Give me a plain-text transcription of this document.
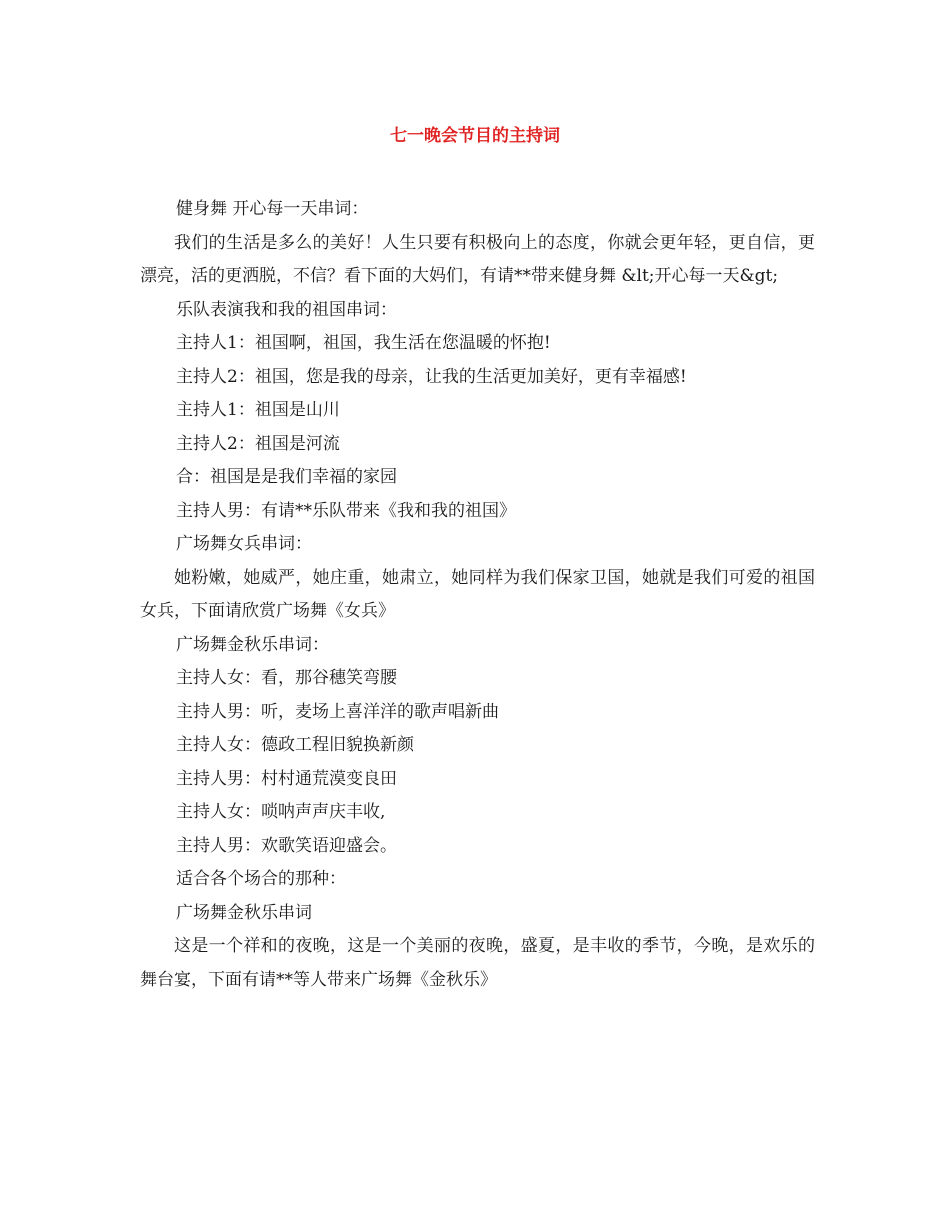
七一晚会节目的主持词

健身舞 开心每一天串词：

我们的生活是多么的美好！人生只要有积极向上的态度，你就会更年轻，更自信，更漂亮，活的更洒脱，不信？看下面的大妈们，有请**带来健身舞 &lt;开心每一天&gt;

乐队表演我和我的祖国串词：

主持人1：祖国啊，祖国，我生活在您温暖的怀抱!

主持人2：祖国，您是我的母亲，让我的生活更加美好，更有幸福感!

主持人1：祖国是山川

主持人2：祖国是河流

合：祖国是是我们幸福的家园

主持人男：有请**乐队带来《我和我的祖国》

广场舞女兵串词：

她粉嫩，她威严，她庄重，她肃立，她同样为我们保家卫国，她就是我们可爱的祖国女兵，下面请欣赏广场舞《女兵》

广场舞金秋乐串词：

主持人女：看，那谷穗笑弯腰

主持人男：听，麦场上喜洋洋的歌声唱新曲

主持人女：德政工程旧貌换新颜

主持人男：村村通荒漠变良田

主持人女：唢呐声声庆丰收,

主持人男：欢歌笑语迎盛会。

适合各个场合的那种：

广场舞金秋乐串词

这是一个祥和的夜晚，这是一个美丽的夜晚，盛夏，是丰收的季节，今晚，是欢乐的舞台宴，下面有请**等人带来广场舞《金秋乐》
